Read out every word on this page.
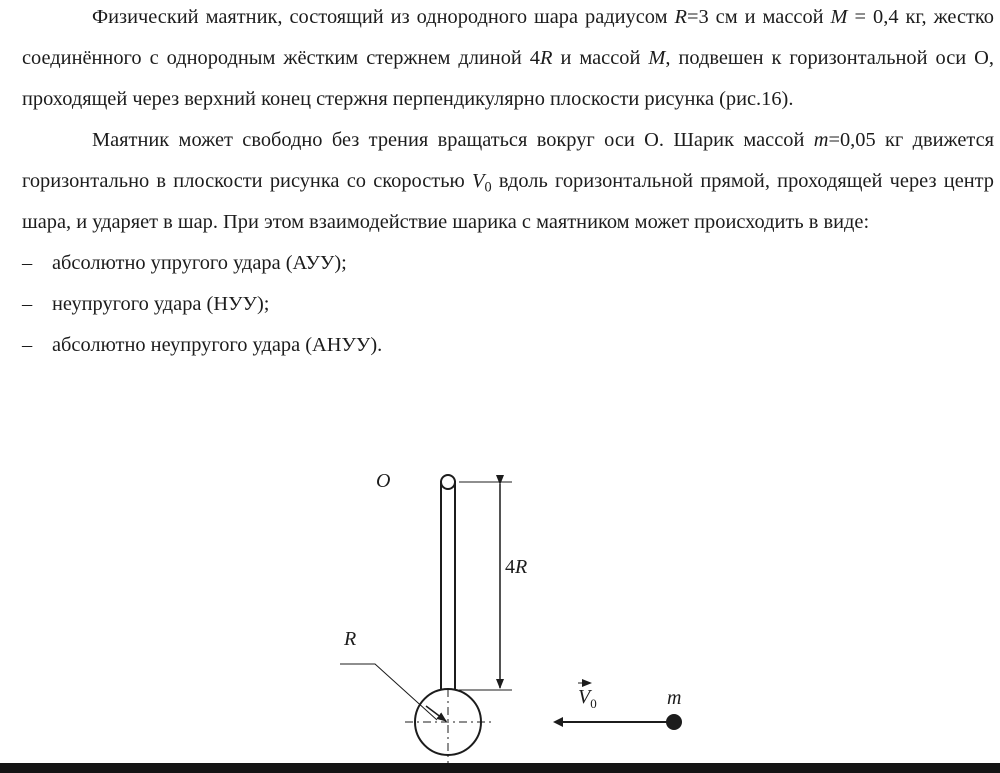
Физический маятник, состоящий из однородного шара радиусом R=3 см и массой M = 0,4 кг, жестко соединённого с однородным жёстким стержнем длиной 4R и массой M, подвешен к горизонтальной оси О, проходящей через верхний конец стержня перпендикулярно плоскости рисунка (рис.16).

Маятник может свободно без трения вращаться вокруг оси О. Шарик массой m=0,05 кг движется горизонтально в плоскости рисунка со скоростью $V_0$ вдоль горизонтальной прямой, проходящей через центр шара, и ударяет в шар. При этом взаимодействие шарика с маятником может происходить в виде:

– абсолютно упругого удара (АУУ);
– неупругого удара (НУУ);
– абсолютно неупругого удара (АНУУ).
O
4R
R
$V_0$	m
